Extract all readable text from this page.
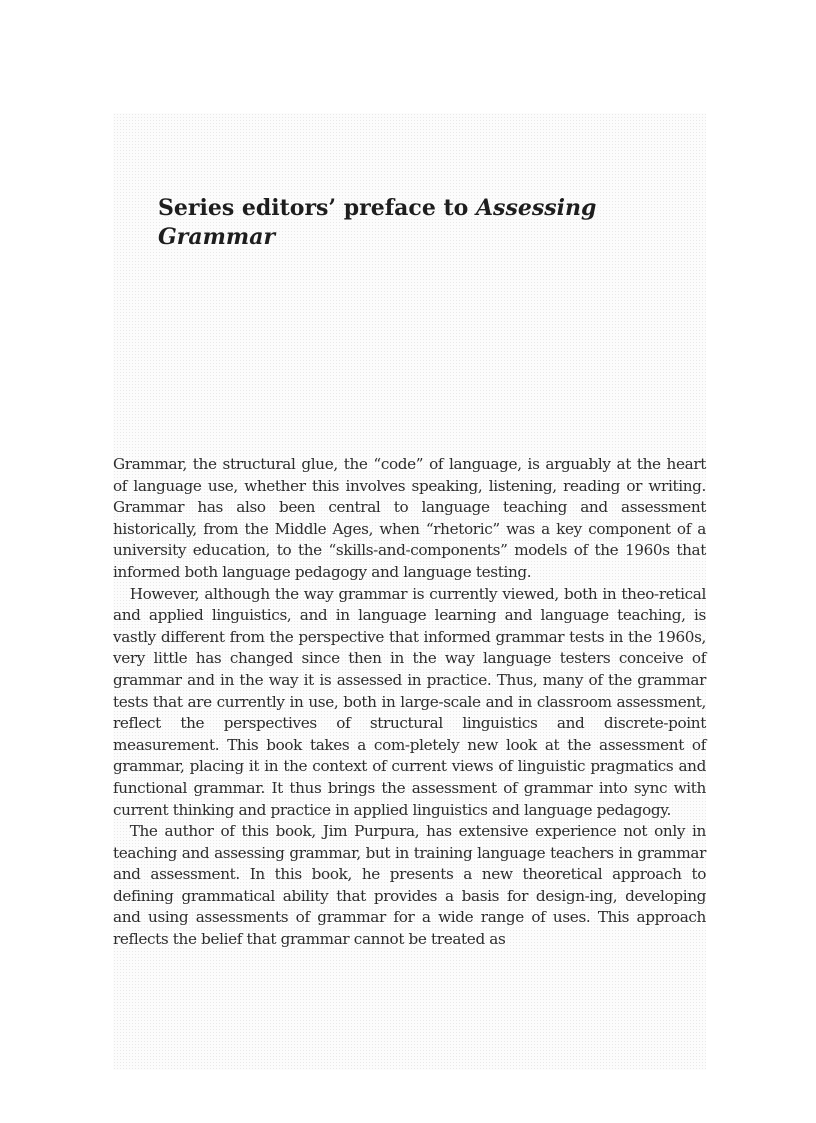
Series editors’ preface to Assessing Grammar

Grammar, the structural glue, the “code” of language, is arguably at the heart of language use, whether this involves speaking, listening, reading or writing. Grammar has also been central to language teaching and assessment historically, from the Middle Ages, when “rhetoric” was a key component of a university education, to the “skills-and-components” models of the 1960s that informed both language pedagogy and language testing.

However, although the way grammar is currently viewed, both in theo-retical and applied linguistics, and in language learning and language teaching, is vastly different from the perspective that informed grammar tests in the 1960s, very little has changed since then in the way language testers conceive of grammar and in the way it is assessed in practice. Thus, many of the grammar tests that are currently in use, both in large-scale and in classroom assessment, reflect the perspectives of structural linguistics and discrete-point measurement. This book takes a com-pletely new look at the assessment of grammar, placing it in the context of current views of linguistic pragmatics and functional grammar. It thus brings the assessment of grammar into sync with current thinking and practice in applied linguistics and language pedagogy.

The author of this book, Jim Purpura, has extensive experience not only in teaching and assessing grammar, but in training language teachers in grammar and assessment. In this book, he presents a new theoretical approach to defining grammatical ability that provides a basis for design-ing, developing and using assessments of grammar for a wide range of uses. This approach reflects the belief that grammar cannot be treated as
